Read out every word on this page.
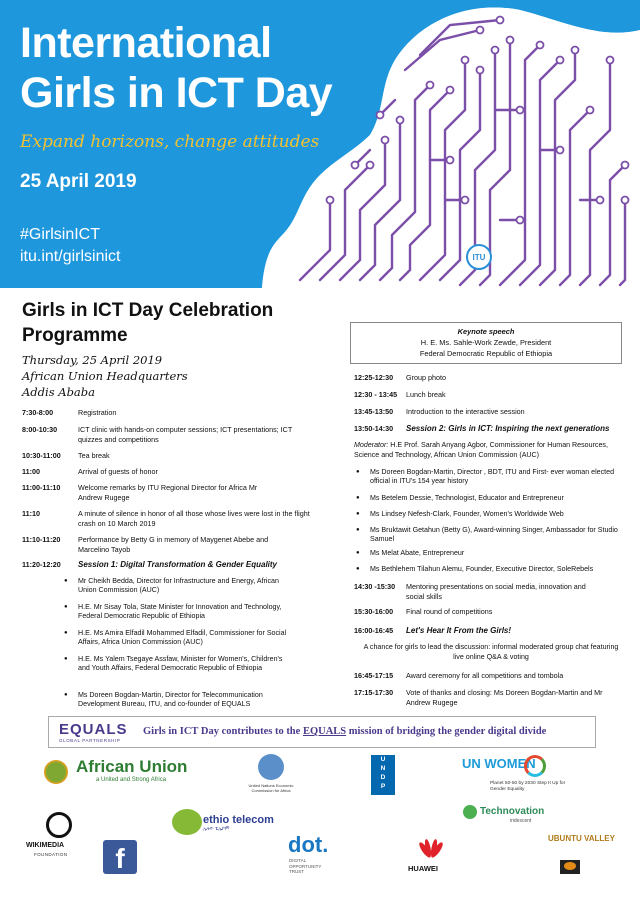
International
Girls in ICT Day
Expand horizons, change attitudes
25 April 2019
#GirlsinICT
itu.int/girlsinict	ITU
Girls in ICT Day Celebration
Programme
Thursday, 25 April 2019
African Union Headquarters
Addis Ababa
7:30-8:00	Registration
8:00-10:30	ICT clinic with hands-on computer sessions; ICT presentations; ICT quizzes and competitions
10:30-11:00 Tea break
11:00	Arrival of guests of honor
11:00-11:10 Welcome remarks by ITU Regional Director for Africa Mr Andrew Rugege
11:10	A minute of silence in honor of all those whose lives were lost in the flight crash on 10 March 2019
11:10-11:20 Performance by Betty G in memory of Maygenet Abebe and Marcelino Tayob
11:20-12:20 Session 1: Digital Transformation & Gender Equality
● Mr Cheikh Bedda, Director for Infrastructure and Energy, African Union Commission (AUC)
● H.E. Mr Sisay Tola, State Minister for Innovation and Technology, Federal Democratic Republic of Ethiopia
● H.E. Ms Amira Elfadil Mohammed Elfadil, Commissioner for Social Affairs, Africa Union Commission (AUC)
● H.E. Ms Yalem Tsegaye Assfaw, Minister for Women's, Children's and Youth Affairs, Federal Democratic Republic of Ethiopia
● Ms Doreen Bogdan-Martin, Director for Telecommunication Development Bureau, ITU, and co-founder of EQUALS
Keynote speech
H. E. Ms. Sahle-Work Zewde, President
Federal Democratic Republic of Ethiopia
12:25-12:30 Group photo
12:30 - 13:45 Lunch break
13:45-13:50 Introduction to the interactive session
13:50-14:30 Session 2: Girls in ICT: Inspiring the next generations
Moderator: H.E Prof. Sarah Anyang Agbor, Commissioner for Human Resources, Science and Technology, African Union Commission (AUC)
● Ms Doreen Bogdan-Martin, Director , BDT, ITU and First- ever woman elected official in ITU's 154 year history
● Ms Betelem Dessie, Technologist, Educator and Entrepreneur
● Ms Lindsey Nefesh-Clark, Founder, Women's Worldwide Web
● Ms Bruktawit Getahun (Betty G), Award-winning Singer, Ambassador for Studio Samuel
● Ms Melat Abate, Entrepreneur
● Ms Bethlehem Tilahun Alemu, Founder, Executive Director, SoleRebels
14:30 -15:30 Mentoring presentations on social media, innovation and social skills
15:30-16:00 Final round of competitions
16:00-16:45 Let's Hear It From the Girls!
A chance for girls to lead the discussion: informal moderated group chat featuring live online Q&A & voting
16:45-17:15 Award ceremony for all competitions and tombola
17:15-17:30 Vote of thanks and closing: Ms Doreen Bogdan-Martin and Mr Andrew Rugege
EQUALS
GLOBAL PARTNERSHIP
Girls in ICT Day contributes to the EQUALS mission of bridging the gender digital divide
African Union
a United and Strong Africa
United Nations Economic Commission for Africa
U
N
D
P
UN WOMEN
Planet 50-50 by 2030 Step It Up for Gender Equality
WIKIMEDIA
FOUNDATION	f
ethio telecom
ኢትዮ ቴሌኮም
dot.
DIGITAL
OPPORTUNITY
TRUST	HUAWEI
Technovation
iridescent
UBUNTU VALLEY
